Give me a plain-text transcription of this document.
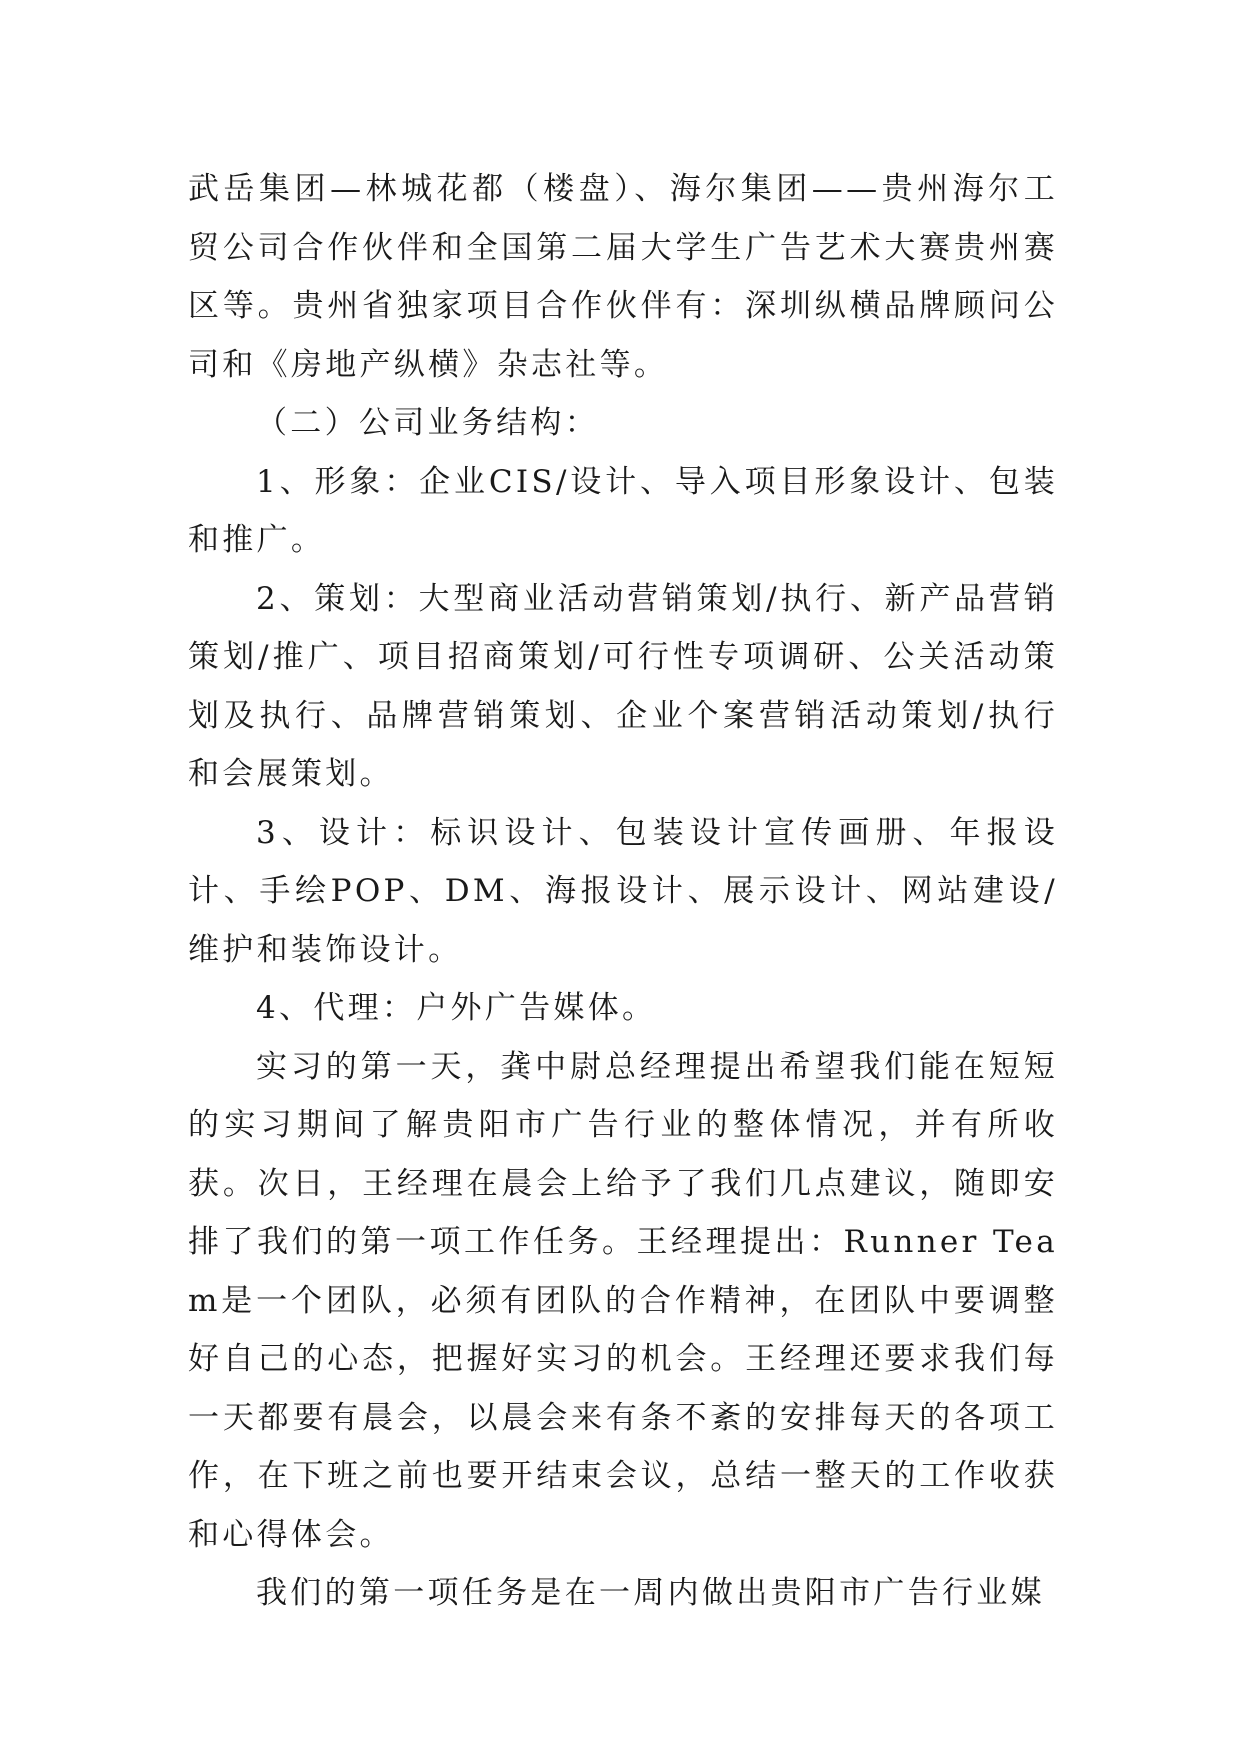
武岳集团—林城花都（楼盘）、海尔集团——贵州海尔工贸公司合作伙伴和全国第二届大学生广告艺术大赛贵州赛区等。贵州省独家项目合作伙伴有：深圳纵横品牌顾问公司和《房地产纵横》杂志社等。

（二）公司业务结构：

1、形象：企业CIS/设计、导入项目形象设计、包装和推广。

2、策划：大型商业活动营销策划/执行、新产品营销策划/推广、项目招商策划/可行性专项调研、公关活动策划及执行、品牌营销策划、企业个案营销活动策划/执行和会展策划。

3、设计：标识设计、包装设计宣传画册、年报设计、手绘POP、DM、海报设计、展示设计、网站建设/维护和装饰设计。

4、代理：户外广告媒体。

实习的第一天，龚中尉总经理提出希望我们能在短短的实习期间了解贵阳市广告行业的整体情况，并有所收获。次日，王经理在晨会上给予了我们几点建议，随即安排了我们的第一项工作任务。王经理提出：Runner Team是一个团队，必须有团队的合作精神，在团队中要调整好自己的心态，把握好实习的机会。王经理还要求我们每一天都要有晨会，以晨会来有条不紊的安排每天的各项工作，在下班之前也要开结束会议，总结一整天的工作收获和心得体会。

我们的第一项任务是在一周内做出贵阳市广告行业媒
